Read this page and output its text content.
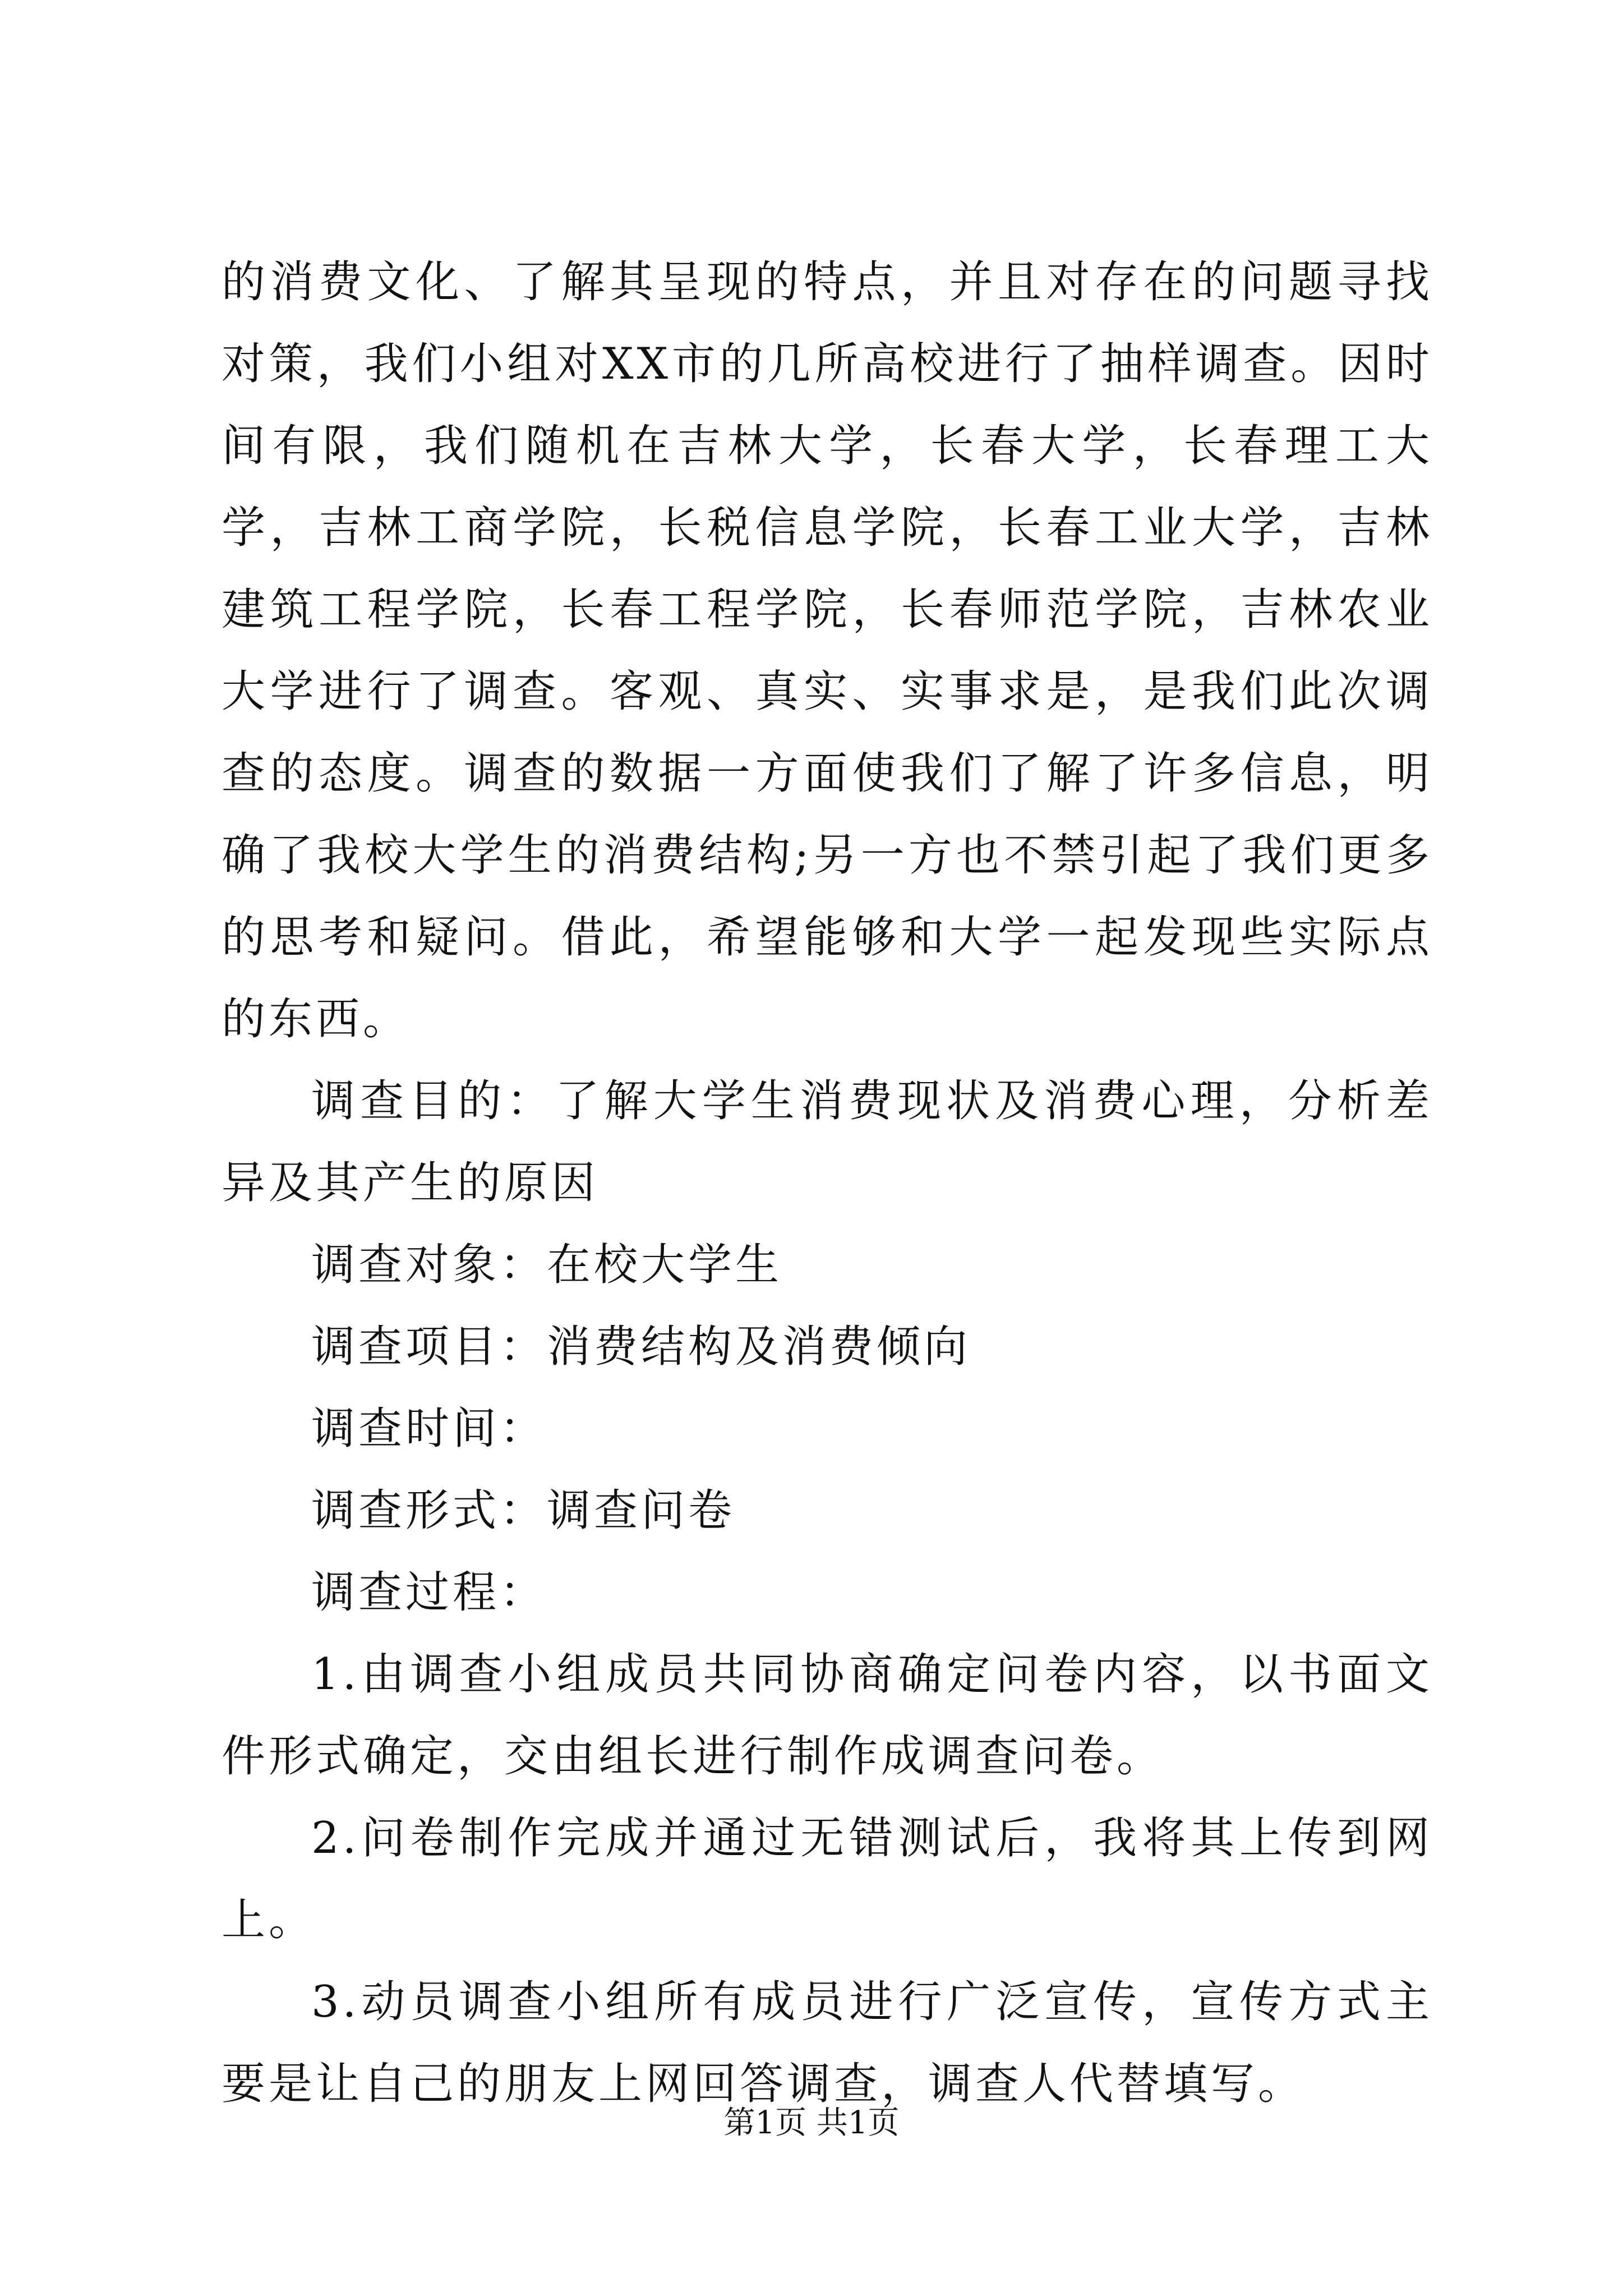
的消费文化、了解其呈现的特点，并且对存在的问题寻找对策，我们小组对XX市的几所高校进行了抽样调查。因时间有限，我们随机在吉林大学，长春大学，长春理工大学，吉林工商学院，长税信息学院，长春工业大学，吉林建筑工程学院，长春工程学院，长春师范学院，吉林农业大学进行了调查。客观、真实、实事求是，是我们此次调查的态度。调查的数据一方面使我们了解了许多信息，明确了我校大学生的消费结构;另一方也不禁引起了我们更多的思考和疑问。借此，希望能够和大学一起发现些实际点的东西。

调查目的：了解大学生消费现状及消费心理，分析差异及其产生的原因

调查对象：在校大学生

调查项目：消费结构及消费倾向

调查时间：

调查形式：调查问卷

调查过程：

1.由调查小组成员共同协商确定问卷内容，以书面文件形式确定，交由组长进行制作成调查问卷。

2.问卷制作完成并通过无错测试后，我将其上传到网上。

3.动员调查小组所有成员进行广泛宣传，宣传方式主要是让自己的朋友上网回答调查，调查人代替填写。

第1页 共1页
